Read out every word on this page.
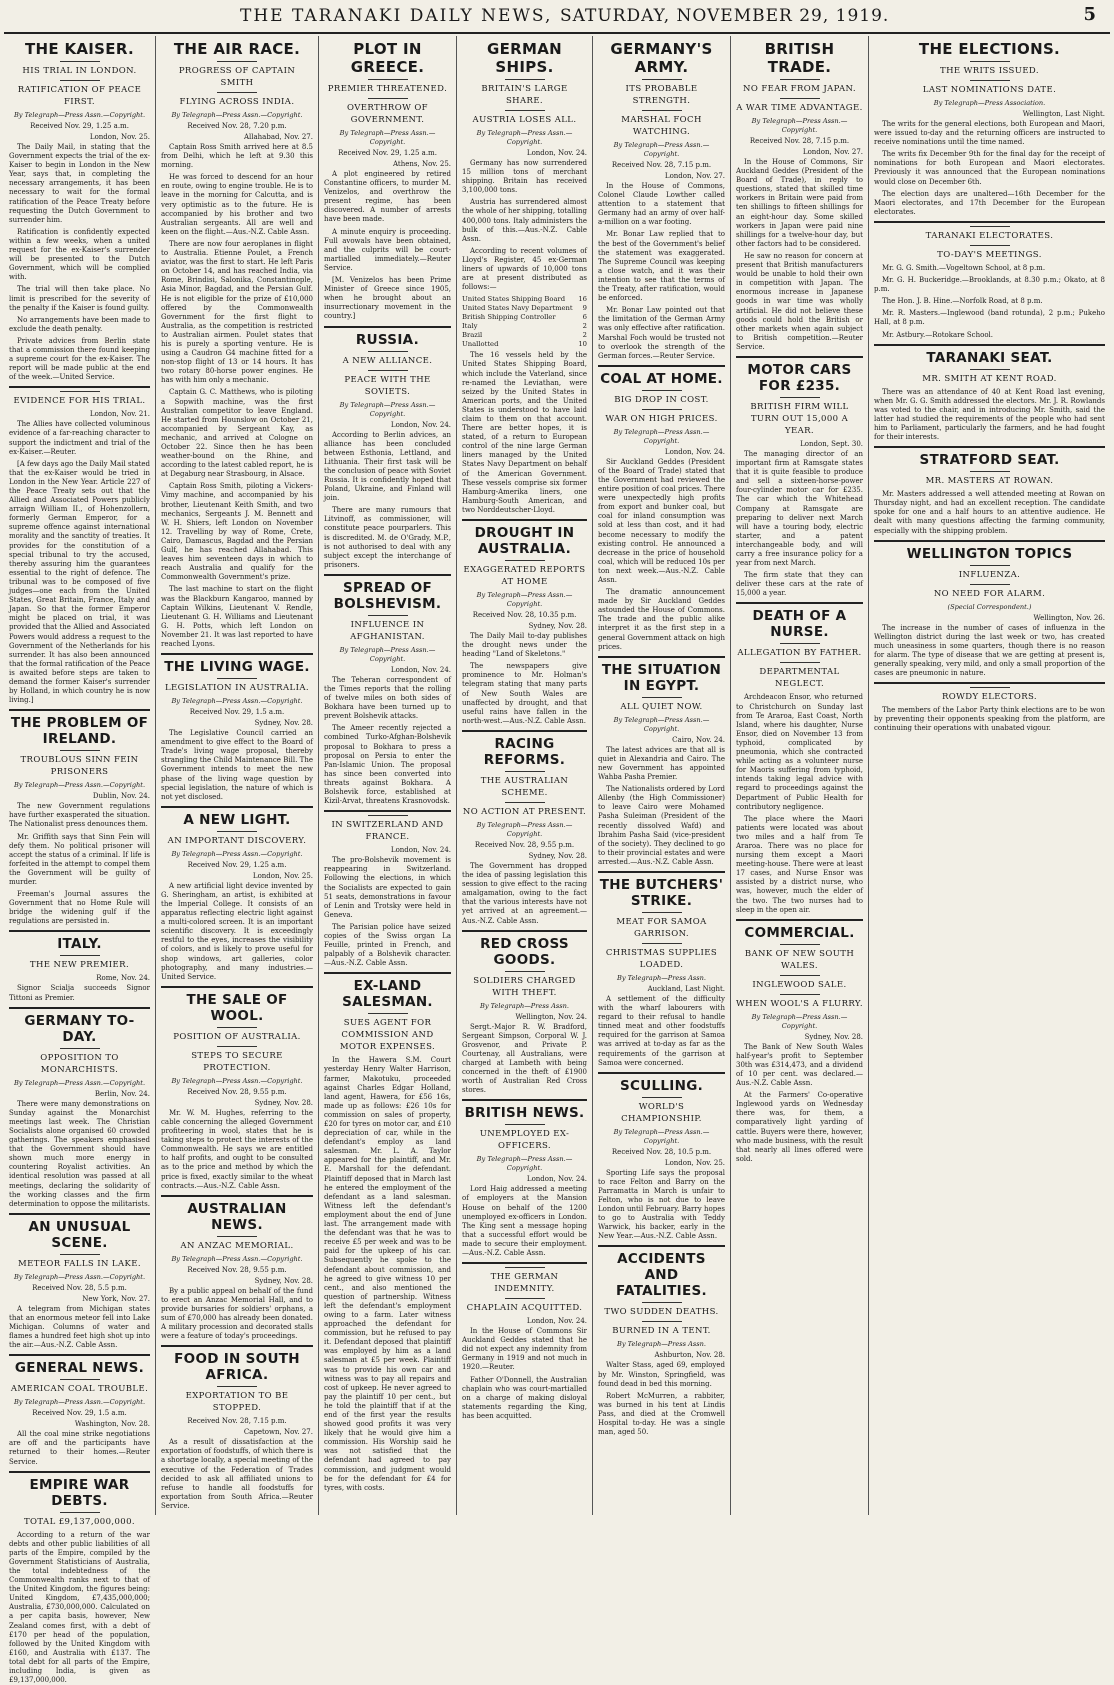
THE TARANAKI DAILY NEWS, SATURDAY, NOVEMBER 29, 1919.	5
THE KAISER.
HIS TRIAL IN LONDON.
RATIFICATION OF PEACE FIRST.
By Telegraph—Press Assn.—Copyright.
Received Nov. 29, 1.25 a.m.
London, Nov. 25.

The Daily Mail, in stating that the Government expects the trial of the ex-Kaiser to begin in London in the New Year, says that, in completing the necessary arrangements, it has been necessary to wait for the formal ratification of the Peace Treaty before requesting the Dutch Government to surrender him.

Ratification is confidently expected within a few weeks, when a united request for the ex-Kaiser's surrender will be presented to the Dutch Government, which will be complied with.

The trial will then take place. No limit is prescribed for the severity of the penalty if the Kaiser is found guilty.

No arrangements have been made to exclude the death penalty.

Private advices from Berlin state that a commission there found keeping a supreme court for the ex-Kaiser. The report will be made public at the end of the week.—United Service.

EVIDENCE FOR HIS TRIAL.
London, Nov. 21.

The Allies have collected voluminous evidence of a far-reaching character to support the indictment and trial of the ex-Kaiser.—Reuter.

[A few days ago the Daily Mail stated that the ex-Kaiser would be tried in London in the New Year. Article 227 of the Peace Treaty sets out that the Allied and Associated Powers publicly arraign William II., of Hohenzollern, formerly German Emperor, for a supreme offence against international morality and the sanctity of treaties. It provides for the constitution of a special tribunal to try the accused, thereby assuring him the guarantees essential to the right of defence. The tribunal was to be composed of five judges—one each from the United States, Great Britain, France, Italy and Japan. So that the former Emperor might be placed on trial, it was provided that the Allied and Associated Powers would address a request to the Government of the Netherlands for his surrender. It has also been announced that the formal ratification of the Peace is awaited before steps are taken to demand the former Kaiser's surrender by Holland, in which country he is now living.]

THE PROBLEM OF IRELAND.
TROUBLOUS SINN FEIN PRISONERS
By Telegraph—Press Assn.—Copyright.
Dublin, Nov. 24.

The new Government regulations have further exasperated the situation. The Nationalist press denounces them.

Mr. Griffith says that Sinn Fein will defy them. No political prisoner will accept the status of a criminal. If life is forfeited in the attempt to compel them the Government will be guilty of murder.

Freeman's Journal assures the Government that no Home Rule will bridge the widening gulf if the regulations are persisted in.

ITALY.
THE NEW PREMIER.
Rome, Nov. 24.

Signor Scialja succeeds Signor Tittoni as Premier.

GERMANY TO-DAY.
OPPOSITION TO MONARCHISTS.
By Telegraph—Press Assn.—Copyright.
Berlin, Nov. 24.

There were many demonstrations on Sunday against the Monarchist meetings last week. The Christian Socialists alone organised 60 crowded gatherings. The speakers emphasised that the Government should have shown much more energy in countering Royalist activities. An identical resolution was passed at all meetings, declaring the solidarity of the working classes and the firm determination to oppose the militarists.

AN UNUSUAL SCENE.
METEOR FALLS IN LAKE.
By Telegraph—Press Assn.—Copyright.
Received Nov. 28, 5.5 p.m.
New York, Nov. 27.

A telegram from Michigan states that an enormous meteor fell into Lake Michigan. Columns of water and flames a hundred feet high shot up into the air.—Aus.-N.Z. Cable Assn.

GENERAL NEWS.
AMERICAN COAL TROUBLE.
By Telegraph—Press Assn.—Copyright.
Received Nov. 29, 1.5 a.m.
Washington, Nov. 28.

All the coal mine strike negotiations are off and the participants have returned to their homes.—Reuter Service.

EMPIRE WAR DEBTS.
TOTAL £9,137,000,000.

According to a return of the war debts and other public liabilities of all parts of the Empire, compiled by the Government Statisticians of Australia, the total indebtedness of the Commonwealth ranks next to that of the United Kingdom, the figures being: United Kingdom, £7,435,000,000; Australia, £730,000,000. Calculated on a per capita basis, however, New Zealand comes first, with a debt of £170 per head of the population, followed by the United Kingdom with £160, and Australia with £137. The total debt for all parts of the Empire, including India, is given as £9,137,000,000.

THE AIR RACE.
PROGRESS OF CAPTAIN SMITH
FLYING ACROSS INDIA.
By Telegraph—Press Assn.—Copyright.
Received Nov. 28, 7.20 p.m.
Allahabad, Nov. 27.

Captain Ross Smith arrived here at 8.5 from Delhi, which he left at 9.30 this morning.

He was forced to descend for an hour en route, owing to engine trouble. He is to leave in the morning for Calcutta, and is very optimistic as to the future. He is accompanied by his brother and two Australian sergeants. All are well and keen on the flight.—Aus.-N.Z. Cable Assn.

There are now four aeroplanes in flight to Australia. Etienne Poulet, a French aviator, was the first to start. He left Paris on October 14, and has reached India, via Rome, Brindisi, Salonika, Constantinople, Asia Minor, Bagdad, and the Persian Gulf. He is not eligible for the prize of £10,000 offered by the Commonwealth Government for the first flight to Australia, as the competition is restricted to Australian airmen. Poulet states that his is purely a sporting venture. He is using a Caudron G4 machine fitted for a non-stop flight of 13 or 14 hours. It has two rotary 80-horse power engines. He has with him only a mechanic.

Captain G. C. Matthews, who is piloting a Sopwith machine, was the first Australian competitor to leave England. He started from Hounslow on October 21, accompanied by Sergeant Kay, as mechanic, and arrived at Cologne on October 22. Since then he has been weather-bound on the Rhine, and according to the latest cabled report, he is at Degaburg near Strasbourg, in Alsace.

Captain Ross Smith, piloting a Vickers-Vimy machine, and accompanied by his brother, Lieutenant Keith Smith, and two mechanics, Sergeants J. M. Bennett and W. H. Shiers, left London on November 12. Travelling by way of Rome, Crete, Cairo, Damascus, Bagdad and the Persian Gulf, he has reached Allahabad. This leaves him seventeen days in which to reach Australia and qualify for the Commonwealth Government's prize.

The last machine to start on the flight was the Blackburn Kangaroo, manned by Captain Wilkins, Lieutenant V. Rendle, Lieutenant G. H. Williams and Lieutenant G. H. Potts, which left London on November 21. It was last reported to have reached Lyons.

THE LIVING WAGE.
LEGISLATION IN AUSTRALIA.
By Telegraph—Press Assn.—Copyright.
Received Nov. 29, 1.5 a.m.
Sydney, Nov. 28.

The Legislative Council carried an amendment to give effect to the Board of Trade's living wage proposal, thereby strangling the Child Maintenance Bill. The Government intends to meet the new phase of the living wage question by special legislation, the nature of which is not yet disclosed.

A NEW LIGHT.
AN IMPORTANT DISCOVERY.
By Telegraph—Press Assn.—Copyright.
Received Nov. 29, 1.25 a.m.
London, Nov. 25.

A new artificial light device invented by G. Sheringham, an artist, is exhibited at the Imperial College. It consists of an apparatus reflecting electric light against a multi-colored screen. It is an important scientific discovery. It is exceedingly restful to the eyes, increases the visibility of colors, and is likely to prove useful for shop windows, art galleries, color photography, and many industries.—United Service.

THE SALE OF WOOL.
POSITION OF AUSTRALIA.
STEPS TO SECURE PROTECTION.
By Telegraph—Press Assn.—Copyright.
Received Nov. 28, 9.55 p.m.
Sydney, Nov. 28.

Mr. W. M. Hughes, referring to the cable concerning the alleged Government profiteering in wool, states that he is taking steps to protect the interests of the Commonwealth. He says we are entitled to half profits, and ought to be consulted as to the price and method by which the price is fixed, exactly similar to the wheat contracts.—Aus.-N.Z. Cable Assn.

AUSTRALIAN NEWS.
AN ANZAC MEMORIAL.
By Telegraph—Press Assn.—Copyright.
Received Nov. 28, 9.55 p.m.
Sydney, Nov. 28.

By a public appeal on behalf of the fund to erect an Anzac Memorial Hall, and to provide bursaries for soldiers' orphans, a sum of £70,000 has already been donated. A military procession and decorated stalls were a feature of today's proceedings.

FOOD IN SOUTH AFRICA.
EXPORTATION TO BE STOPPED.
Received Nov. 28, 7.15 p.m.
Capetown, Nov. 27.

As a result of dissatisfaction at the exportation of foodstuffs, of which there is a shortage locally, a special meeting of the executive of the Federation of Trades decided to ask all affiliated unions to refuse to handle all foodstuffs for exportation from South Africa.—Reuter Service.

PLOT IN GREECE.
PREMIER THREATENED.
OVERTHROW OF GOVERNMENT.
By Telegraph—Press Assn.—Copyright.
Received Nov. 29, 1.25 a.m.
Athens, Nov. 25.

A plot engineered by retired Constantine officers, to murder M. Venizelos, and overthrow the present regime, has been discovered. A number of arrests have been made.

A minute enquiry is proceeding. Full avowals have been obtained, and the culprits will be court-martialled immediately.—Reuter Service.

[M. Venizelos has been Prime Minister of Greece since 1905, when he brought about an insurrectionary movement in the country.]

RUSSIA.
A NEW ALLIANCE.
PEACE WITH THE SOVIETS.
By Telegraph—Press Assn.—Copyright.
London, Nov. 24.

According to Berlin advices, an alliance has been concluded between Esthonia, Lettland, and Lithuania. Their first task will be the conclusion of peace with Soviet Russia. It is confidently hoped that Poland, Ukraine, and Finland will join.

There are many rumours that Litvinoff, as commissioner, will constitute peace pourparlers. This is discredited. M. de O'Grady, M.P., is not authorised to deal with any subject except the interchange of prisoners.

SPREAD OF BOLSHEVISM.
INFLUENCE IN AFGHANISTAN.
By Telegraph—Press Assn.—Copyright.
London, Nov. 24.

The Teheran correspondent of the Times reports that the rolling of twelve miles on both sides of Bokhara have been turned up to prevent Bolshevik attacks.

The Ameer recently rejected a combined Turko-Afghan-Bolshevik proposal to Bokhara to press a proposal on Persia to enter the Pan-Islamic Union. The proposal has since been converted into threats against Bokhara. A Bolshevik force, established at Kizil-Arvat, threatens Krasnovodsk.

IN SWITZERLAND AND FRANCE.
London, Nov. 24.

The pro-Bolshevik movement is reappearing in Switzerland. Following the elections, in which the Socialists are expected to gain 51 seats, demonstrations in favour of Lenin and Trotsky were held in Geneva.

The Parisian police have seized copies of the Swiss organ La Feuille, printed in French, and palpably of a Bolshevik character.—Aus.-N.Z. Cable Assn.

EX-LAND SALESMAN.
SUES AGENT FOR COMMISSION AND MOTOR EXPENSES.

In the Hawera S.M. Court yesterday Henry Walter Harrison, farmer, Makotuku, proceeded against Charles Edgar Holland, land agent, Hawera, for £56 16s, made up as follows: £26 10s for commission on sales of property, £20 for tyres on motor car, and £10 depreciation of car, while in the defendant's employ as land salesman. Mr. L. A. Taylor appeared for the plaintiff, and Mr. E. Marshall for the defendant. Plaintiff deposed that in March last he entered the employment of the defendant as a land salesman. Witness left the defendant's employment about the end of June last. The arrangement made with the defendant was that he was to receive £5 per week and was to be paid for the upkeep of his car. Subsequently he spoke to the defendant about commission, and he agreed to give witness 10 per cent., and also mentioned the question of partnership. Witness left the defendant's employment owing to a farm. Later witness approached the defendant for commission, but he refused to pay it. Defendant deposed that plaintiff was employed by him as a land salesman at £5 per week. Plaintiff was to provide his own car and witness was to pay all repairs and cost of upkeep. He never agreed to pay the plaintiff 10 per cent., but he told the plaintiff that if at the end of the first year the results showed good profits it was very likely that he would give him a commission. His Worship said he was not satisfied that the defendant had agreed to pay commission, and judgment would be for the defendant for £4 for tyres, with costs.

GERMAN SHIPS.
BRITAIN'S LARGE SHARE.
AUSTRIA LOSES ALL.
By Telegraph—Press Assn.—Copyright.
London, Nov. 24.

Germany has now surrendered 15 million tons of merchant shipping. Britain has received 3,100,000 tons.

Austria has surrendered almost the whole of her shipping, totalling 400,000 tons. Italy administers the bulk of this.—Aus.-N.Z. Cable Assn.

According to recent volumes of Lloyd's Register, 45 ex-German liners of upwards of 10,000 tons are at present distributed as follows:—

United States Shipping Board 16
United States Navy Department 9
British Shipping Controller	6
Italy	2
Brazil	2
Unallotted	10

The 16 vessels held by the United States Shipping Board, which include the Vaterland, since re-named the Leviathan, were seized by the United States in American ports, and the United States is understood to have laid claim to them on that account. There are better hopes, it is stated, of a return to European control of the nine large German liners managed by the United States Navy Department on behalf of the American Government. These vessels comprise six former Hamburg-Amerika liners, one Hamburg-South American, and two Norddeutscher-Lloyd.

DROUGHT IN AUSTRALIA.
EXAGGERATED REPORTS AT HOME
By Telegraph—Press Assn.—Copyright.
Received Nov. 28, 10.35 p.m.
Sydney, Nov. 28.

The Daily Mail to-day publishes the drought news under the heading "Land of Skeletons."

The newspapers give prominence to Mr. Holman's telegram stating that many parts of New South Wales are unaffected by drought, and that useful rains have fallen in the north-west.—Aus.-N.Z. Cable Assn.

RACING REFORMS.
THE AUSTRALIAN SCHEME.
NO ACTION AT PRESENT.
By Telegraph—Press Assn.—Copyright.
Received Nov. 28, 9.55 p.m.
Sydney, Nov. 28.

The Government has dropped the idea of passing legislation this session to give effect to the racing amalgamation, owing to the fact that the various interests have not yet arrived at an agreement.—Aus.-N.Z. Cable Assn.

RED CROSS GOODS.
SOLDIERS CHARGED WITH THEFT.
By Telegraph—Press Assn.
Wellington, Nov. 24.

Sergt.-Major R. W. Bradford, Sergeant Simpson, Corporal W. J. Grosvenor, and Private P. Courtenay, all Australians, were charged at Lambeth with being concerned in the theft of £1900 worth of Australian Red Cross stores.

BRITISH NEWS.
UNEMPLOYED EX-OFFICERS.
By Telegraph—Press Assn.—Copyright.
London, Nov. 24.

Lord Haig addressed a meeting of employers at the Mansion House on behalf of the 1200 unemployed ex-officers in London. The King sent a message hoping that a successful effort would be made to secure their employment.—Aus.-N.Z. Cable Assn.

THE GERMAN INDEMNITY.
CHAPLAIN ACQUITTED.
London, Nov. 24.

In the House of Commons Sir Auckland Geddes stated that he did not expect any indemnity from Germany in 1919 and not much in 1920.—Reuter.

Father O'Donnell, the Australian chaplain who was court-martialled on a charge of making disloyal statements regarding the King, has been acquitted.

GERMANY'S ARMY.
ITS PROBABLE STRENGTH.
MARSHAL FOCH WATCHING.
By Telegraph—Press Assn.—Copyright.
Received Nov. 28, 7.15 p.m.
London, Nov. 27.

In the House of Commons, Colonel Claude Lowther called attention to a statement that Germany had an army of over half-a-million on a war footing.

Mr. Bonar Law replied that to the best of the Government's belief the statement was exaggerated. The Supreme Council was keeping a close watch, and it was their intention to see that the terms of the Treaty, after ratification, would be enforced.

Mr. Bonar Law pointed out that the limitation of the German Army was only effective after ratification. Marshal Foch would be trusted not to overlook the strength of the German forces.—Reuter Service.

COAL AT HOME.
BIG DROP IN COST.
WAR ON HIGH PRICES.
By Telegraph—Press Assn.—Copyright.
London, Nov. 24.

Sir Auckland Geddes (President of the Board of Trade) stated that the Government had reviewed the entire position of coal prices. There were unexpectedly high profits from export and bunker coal, but coal for inland consumption was sold at less than cost, and it had become necessary to modify the existing control. He announced a decrease in the price of household coal, which will be reduced 10s per ton next week.—Aus.-N.Z. Cable Assn.

The dramatic announcement made by Sir Auckland Geddes astounded the House of Commons. The trade and the public alike interpret it as the first step in a general Government attack on high prices.

THE SITUATION IN EGYPT.
ALL QUIET NOW.
By Telegraph—Press Assn.—Copyright.
Cairo, Nov. 24.

The latest advices are that all is quiet in Alexandria and Cairo. The new Government has appointed Wahba Pasha Premier.

The Nationalists ordered by Lord Allenby (the High Commissioner) to leave Cairo were Mohamed Pasha Suleiman (President of the recently dissolved Wafd) and Ibrahim Pasha Said (vice-president of the society). They declined to go to their provincial estates and were arrested.—Aus.-N.Z. Cable Assn.

THE BUTCHERS' STRIKE.
MEAT FOR SAMOA GARRISON.
CHRISTMAS SUPPLIES LOADED.
By Telegraph—Press Assn.
Auckland, Last Night.

A settlement of the difficulty with the wharf labourers with regard to their refusal to handle tinned meat and other foodstuffs required for the garrison at Samoa was arrived at to-day as far as the requirements of the garrison at Samoa were concerned.

SCULLING.
WORLD'S CHAMPIONSHIP.
By Telegraph—Press Assn.—Copyright.
Received Nov. 28, 10.5 p.m.
London, Nov. 25.

Sporting Life says the proposal to race Felton and Barry on the Parramatta in March is unfair to Felton, who is not due to leave London until February. Barry hopes to go to Australia with Teddy Warwick, his backer, early in the New Year.—Aus.-N.Z. Cable Assn.

ACCIDENTS AND FATALITIES.
TWO SUDDEN DEATHS.
BURNED IN A TENT.
By Telegraph—Press Assn.
Ashburton, Nov. 28.

Walter Stass, aged 69, employed by Mr. Winston, Springfield, was found dead in bed this morning.

Robert McMurren, a rabbiter, was burned in his tent at Lindis Pass, and died at the Cromwell Hospital to-day. He was a single man, aged 50.

BRITISH TRADE.
NO FEAR FROM JAPAN.
A WAR TIME ADVANTAGE.
By Telegraph—Press Assn.—Copyright.
Received Nov. 28, 7.15 p.m.
London, Nov. 27.

In the House of Commons, Sir Auckland Geddes (President of the Board of Trade), in reply to questions, stated that skilled time workers in Britain were paid from ten shillings to fifteen shillings for an eight-hour day. Some skilled workers in Japan were paid nine shillings for a twelve-hour day, but other factors had to be considered.

He saw no reason for concern at present that British manufacturers would be unable to hold their own in competition with Japan. The enormous increase in Japanese goods in war time was wholly artificial. He did not believe these goods could hold the British or other markets when again subject to British competition.—Reuter Service.

MOTOR CARS FOR £235.
BRITISH FIRM WILL TURN OUT 15,000 A YEAR.
London, Sept. 30.

The managing director of an important firm at Ramsgate states that it is quite feasible to produce and sell a sixteen-horse-power four-cylinder motor car for £235. The car which the Whitehead Company at Ramsgate are preparing to deliver next March will have a touring body, electric starter, and a patent interchangeable body, and will carry a free insurance policy for a year from next March.

The firm state that they can deliver these cars at the rate of 15,000 a year.

DEATH OF A NURSE.
ALLEGATION BY FATHER.
DEPARTMENTAL NEGLECT.

Archdeacon Ensor, who returned to Christchurch on Sunday last from Te Araroa, East Coast, North Island, where his daughter, Nurse Ensor, died on November 13 from typhoid, complicated by pneumonia, which she contracted while acting as a volunteer nurse for Maoris suffering from typhoid, intends taking legal advice with regard to proceedings against the Department of Public Health for contributory negligence.

The place where the Maori patients were located was about two miles and a half from Te Araroa. There was no place for nursing them except a Maori meeting-house. There were at least 17 cases, and Nurse Ensor was assisted by a district nurse, who was, however, much the elder of the two. The two nurses had to sleep in the open air.

COMMERCIAL.
BANK OF NEW SOUTH WALES.
INGLEWOOD SALE.
WHEN WOOL'S A FLURRY.
By Telegraph—Press Assn.—Copyright.
Sydney, Nov. 28.

The Bank of New South Wales half-year's profit to September 30th was £314,473, and a dividend of 10 per cent. was declared.—Aus.-N.Z. Cable Assn.

At the Farmers' Co-operative Inglewood yards on Wednesday there was, for them, a comparatively light yarding of cattle. Buyers were there, however, who made business, with the result that nearly all lines offered were sold.

THE ELECTIONS.
THE WRITS ISSUED.
LAST NOMINATIONS DATE.
By Telegraph—Press Association.
Wellington, Last Night.

The writs for the general elections, both European and Maori, were issued to-day and the returning officers are instructed to receive nominations until the time named.

The writs fix December 9th for the final day for the receipt of nominations for both European and Maori electorates. Previously it was announced that the European nominations would close on December 6th.

The election days are unaltered—16th December for the Maori electorates, and 17th December for the European electorates.

TARANAKI ELECTORATES.
TO-DAY'S MEETINGS.

Mr. G. G. Smith.—Vogeltown School, at 8 p.m.

Mr. G. H. Buckeridge.—Brooklands, at 8.30 p.m.; Okato, at 8 p.m.

The Hon. J. B. Hine.—Norfolk Road, at 8 p.m.

Mr. R. Masters.—Inglewood (band rotunda), 2 p.m.; Pukeho Hall, at 8 p.m.

Mr. Astbury.—Rotokare School.

TARANAKI SEAT.
MR. SMITH AT KENT ROAD.

There was an attendance of 40 at Kent Road last evening, when Mr. G. G. Smith addressed the electors. Mr. J. R. Rowlands was voted to the chair, and in introducing Mr. Smith, said the latter had studied the requirements of the people who had sent him to Parliament, particularly the farmers, and he had fought for their interests.

STRATFORD SEAT.
MR. MASTERS AT ROWAN.

Mr. Masters addressed a well attended meeting at Rowan on Thursday night, and had an excellent reception. The candidate spoke for one and a half hours to an attentive audience. He dealt with many questions affecting the farming community, especially with the shipping problem.

WELLINGTON TOPICS
INFLUENZA.
NO NEED FOR ALARM.
(Special Correspondent.)
Wellington, Nov. 26.

The increase in the number of cases of influenza in the Wellington district during the last week or two, has created much uneasiness in some quarters, though there is no reason for alarm. The type of disease that we are getting at present is, generally speaking, very mild, and only a small proportion of the cases are pneumonic in nature.

ROWDY ELECTORS.

The members of the Labor Party think elections are to be won by preventing their opponents speaking from the platform, are continuing their operations with unabated vigour.
